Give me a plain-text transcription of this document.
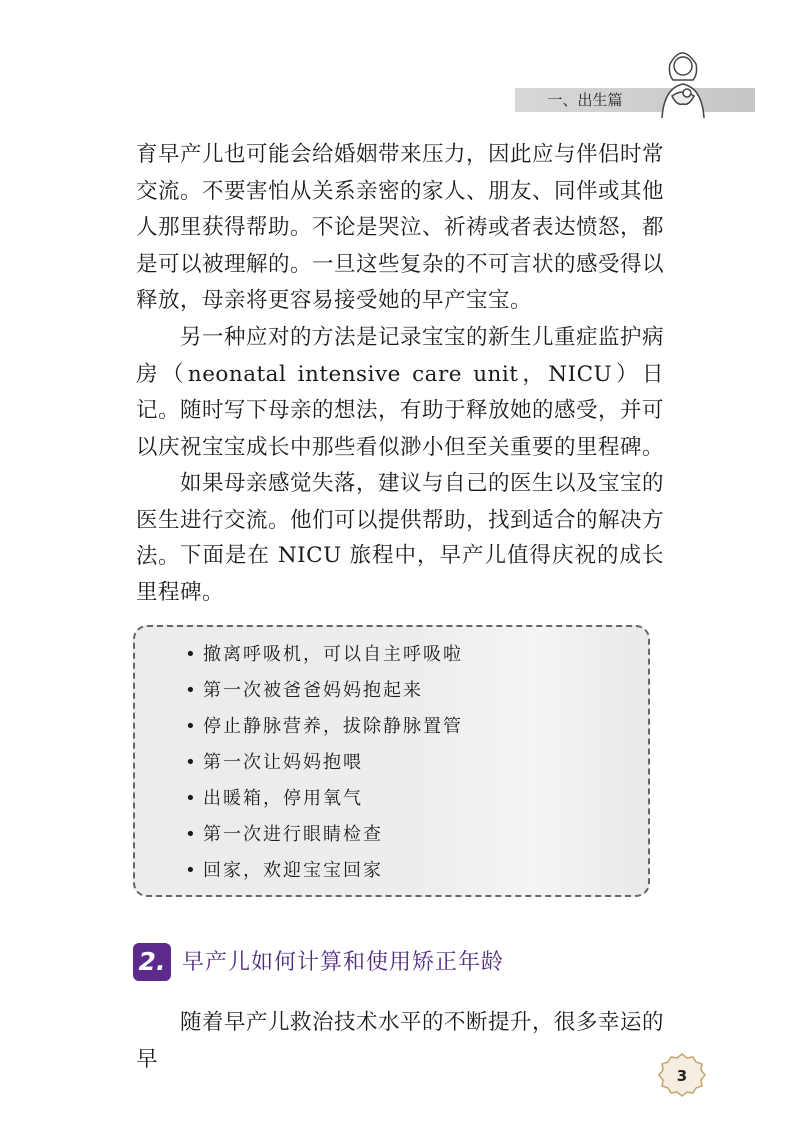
一、出生篇

育早产儿也可能会给婚姻带来压力，因此应与伴侣时常交流。不要害怕从关系亲密的家人、朋友、同伴或其他人那里获得帮助。不论是哭泣、祈祷或者表达愤怒，都是可以被理解的。一旦这些复杂的不可言状的感受得以释放，母亲将更容易接受她的早产宝宝。

另一种应对的方法是记录宝宝的新生儿重症监护病房（neonatal intensive care unit，NICU）日记。随时写下母亲的想法，有助于释放她的感受，并可以庆祝宝宝成长中那些看似渺小但至关重要的里程碑。

如果母亲感觉失落，建议与自己的医生以及宝宝的医生进行交流。他们可以提供帮助，找到适合的解决方法。 下面是在 NICU 旅程中，早产儿值得庆祝的成长里程碑。

• 撤离呼吸机，可以自主呼吸啦
• 第一次被爸爸妈妈抱起来
• 停止静脉营养，拔除静脉置管
• 第一次让妈妈抱喂
• 出暖箱，停用氧气
• 第一次进行眼睛检查
• 回家，欢迎宝宝回家
2. 早产儿如何计算和使用矫正年龄

随着早产儿救治技术水平的不断提升，很多幸运的早

3
